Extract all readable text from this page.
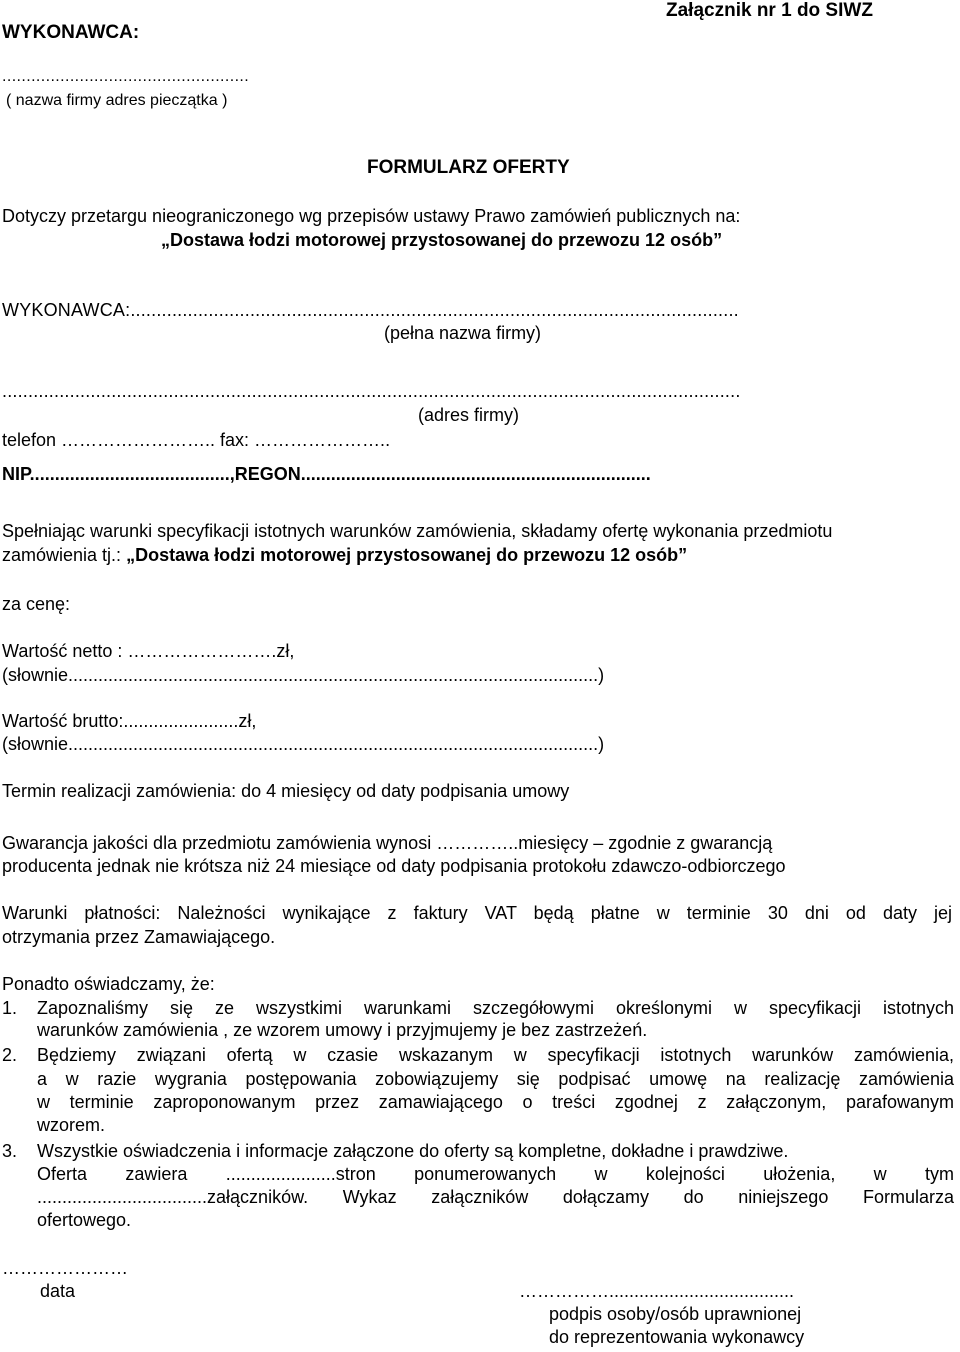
WYKONAWCA:
Załącznik nr 1 do SIWZ
...................................................
( nazwa firmy adres pieczątka )
FORMULARZ OFERTY
Dotyczy przetargu nieograniczonego wg przepisów ustawy Prawo zamówień publicznych na:
„Dostawa łodzi motorowej przystosowanej do przewozu 12 osób”
WYKONAWCA:.....................................................................................................................
(pełna nazwa firmy)
..............................................................................................................................................
(adres firmy)
telefon …………………….. fax: …………………..
NIP........................................,REGON......................................................................
Spełniając warunki specyfikacji istotnych warunków zamówienia, składamy ofertę wykonania przedmiotu
zamówienia tj.: „Dostawa łodzi motorowej przystosowanej do przewozu 12 osób”
za cenę:
Wartość netto : …………………….zł,
(słownie..........................................................................................................)
Wartość brutto:.......................zł,
(słownie..........................................................................................................)
Termin realizacji zamówienia: do 4 miesięcy od daty podpisania umowy
Gwarancja jakości dla przedmiotu zamówienia wynosi …………..miesięcy – zgodnie z gwarancją
producenta jednak nie krótsza niż 24 miesiące od daty podpisania protokołu zdawczo-odbiorczego
Warunki płatności: Należności wynikające z faktury VAT będą płatne w terminie 30 dni od daty jej
otrzymania przez Zamawiającego.
Ponadto oświadczamy, że:
1. Zapoznaliśmy się ze wszystkimi warunkami szczegółowymi określonymi w specyfikacji istotnych
warunków zamówienia , ze wzorem umowy i przyjmujemy je bez zastrzeżeń.
2. Będziemy związani ofertą w czasie wskazanym w specyfikacji istotnych warunków zamówienia,
a w razie wygrania postępowania zobowiązujemy się podpisać umowę na realizację zamówienia
w terminie zaproponowanym przez zamawiającego o treści zgodnej z załączonym, parafowanym
wzorem.
3. Wszystkie oświadczenia i informacje załączone do oferty są kompletne, dokładne i prawdziwe.
Oferta zawiera ......................stron ponumerowanych w kolejności ułożenia, w tym
..................................załączników. Wykaz załączników dołączamy do niniejszego Formularza
ofertowego.
…………………
data	…………….....................................
podpis osoby/osób uprawnionej
do reprezentowania wykonawcy
